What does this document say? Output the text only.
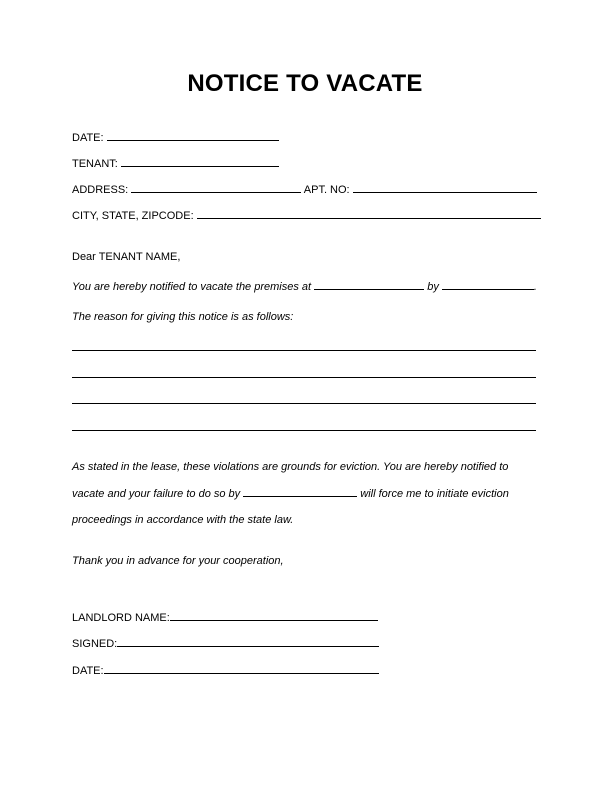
NOTICE TO VACATE
DATE:
TENANT:
ADDRESS:	APT. NO:
CITY, STATE, ZIPCODE:
Dear TENANT NAME,
You are hereby notified to vacate the premises at	by	.
The reason for giving this notice is as follows:
As stated in the lease, these violations are grounds for eviction. You are hereby notified to
vacate and your failure to do so by	will force me to initiate eviction
proceedings in accordance with the state law.
Thank you in advance for your cooperation,
LANDLORD NAME:
SIGNED:
DATE:
